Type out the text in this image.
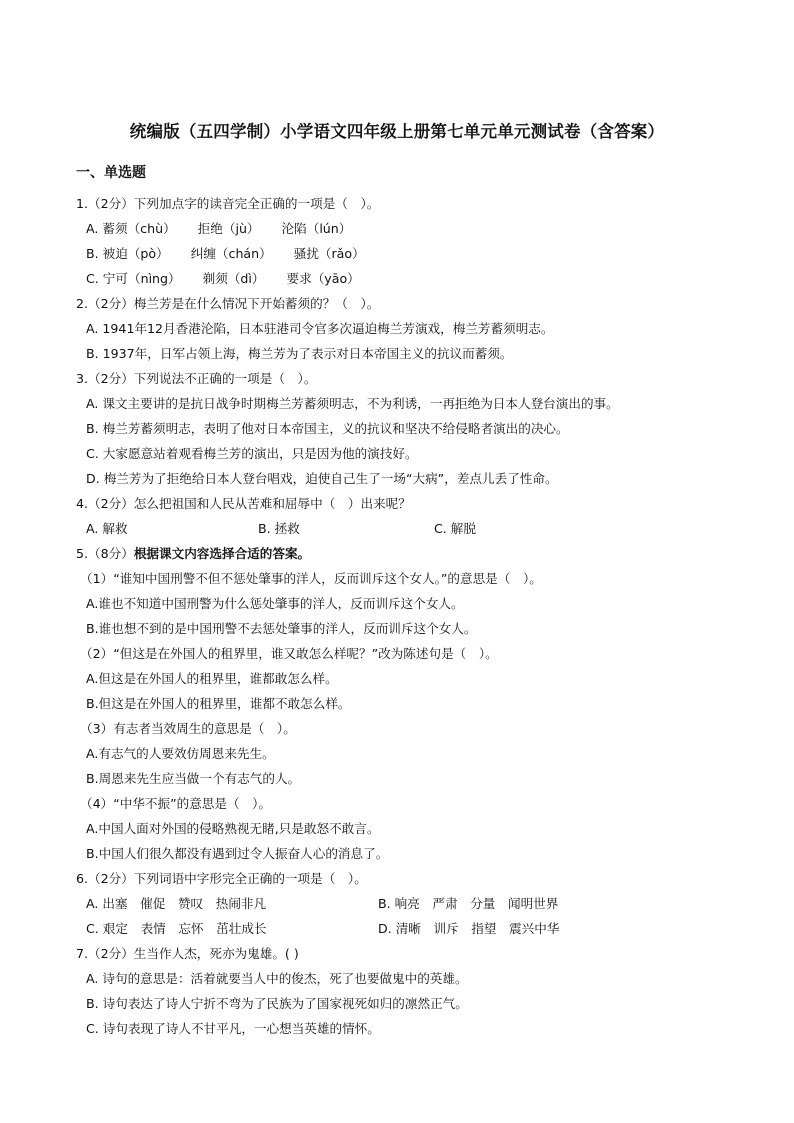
统编版（五四学制）小学语文四年级上册第七单元单元测试卷（含答案）
一、单选题
1.（2分）下列加点字的读音完全正确的一项是（　）。
A. 蓄须（chù） 拒绝（jù） 沦陷（lún）
B. 被迫（pò） 纠缠（chán） 骚扰（rǎo）
C. 宁可（nìng） 剃须（dì） 要求（yāo）
2.（2分）梅兰芳是在什么情况下开始蓄须的？（　）。
A. 1941年12月香港沦陷，日本驻港司令官多次逼迫梅兰芳演戏，梅兰芳蓄须明志。
B. 1937年，日军占领上海，梅兰芳为了表示对日本帝国主义的抗议而蓄须。
3.（2分）下列说法不正确的一项是（　）。
A. 课文主要讲的是抗日战争时期梅兰芳蓄须明志，不为利诱，一再拒绝为日本人登台演出的事。
B. 梅兰芳蓄须明志，表明了他对日本帝国主，义的抗议和坚决不给侵略者演出的决心。
C. 大家愿意站着观看梅兰芳的演出，只是因为他的演技好。
D. 梅兰芳为了拒绝给日本人登台唱戏，迫使自己生了一场“大病”，差点儿丢了性命。
4.（2分）怎么把祖国和人民从苦难和屈辱中（　）出来呢？
A. 解救	B. 拯救	C. 解脱
5.（8分）根据课文内容选择合适的答案。
（1）“谁知中国刑警不但不惩处肇事的洋人，反而训斥这个女人。”的意思是（　）。
A.谁也不知道中国刑警为什么惩处肇事的洋人，反而训斥这个女人。
B.谁也想不到的是中国刑警不去惩处肇事的洋人，反而训斥这个女人。
（2）“但这是在外国人的租界里，谁又敢怎么样呢？”改为陈述句是（　）。
A.但这是在外国人的租界里，谁都敢怎么样。
B.但这是在外国人的租界里，谁都不敢怎么样。
（3）有志者当效周生的意思是（　）。
A.有志气的人要效仿周恩来先生。
B.周恩来先生应当做一个有志气的人。
（4）“中华不振”的意思是（　）。
A.中国人面对外国的侵略熟视无睹,只是敢怒不敢言。
B.中国人们很久都没有遇到过令人振奋人心的消息了。
6.（2分）下列词语中字形完全正确的一项是（　）。
A. 出塞　催促　赞叹　热闹非凡	B. 响亮　严肃　分量　闻明世界
C. 艰定　表情　忘怀　茁壮成长	D. 清晰　训斥　指望　震兴中华
7.（2分）生当作人杰，死亦为鬼雄。( )
A. 诗句的意思是：活着就要当人中的俊杰，死了也要做鬼中的英雄。
B. 诗句表达了诗人宁折不弯为了民族为了国家视死如归的凛然正气。
C. 诗句表现了诗人不甘平凡，一心想当英雄的情怀。
